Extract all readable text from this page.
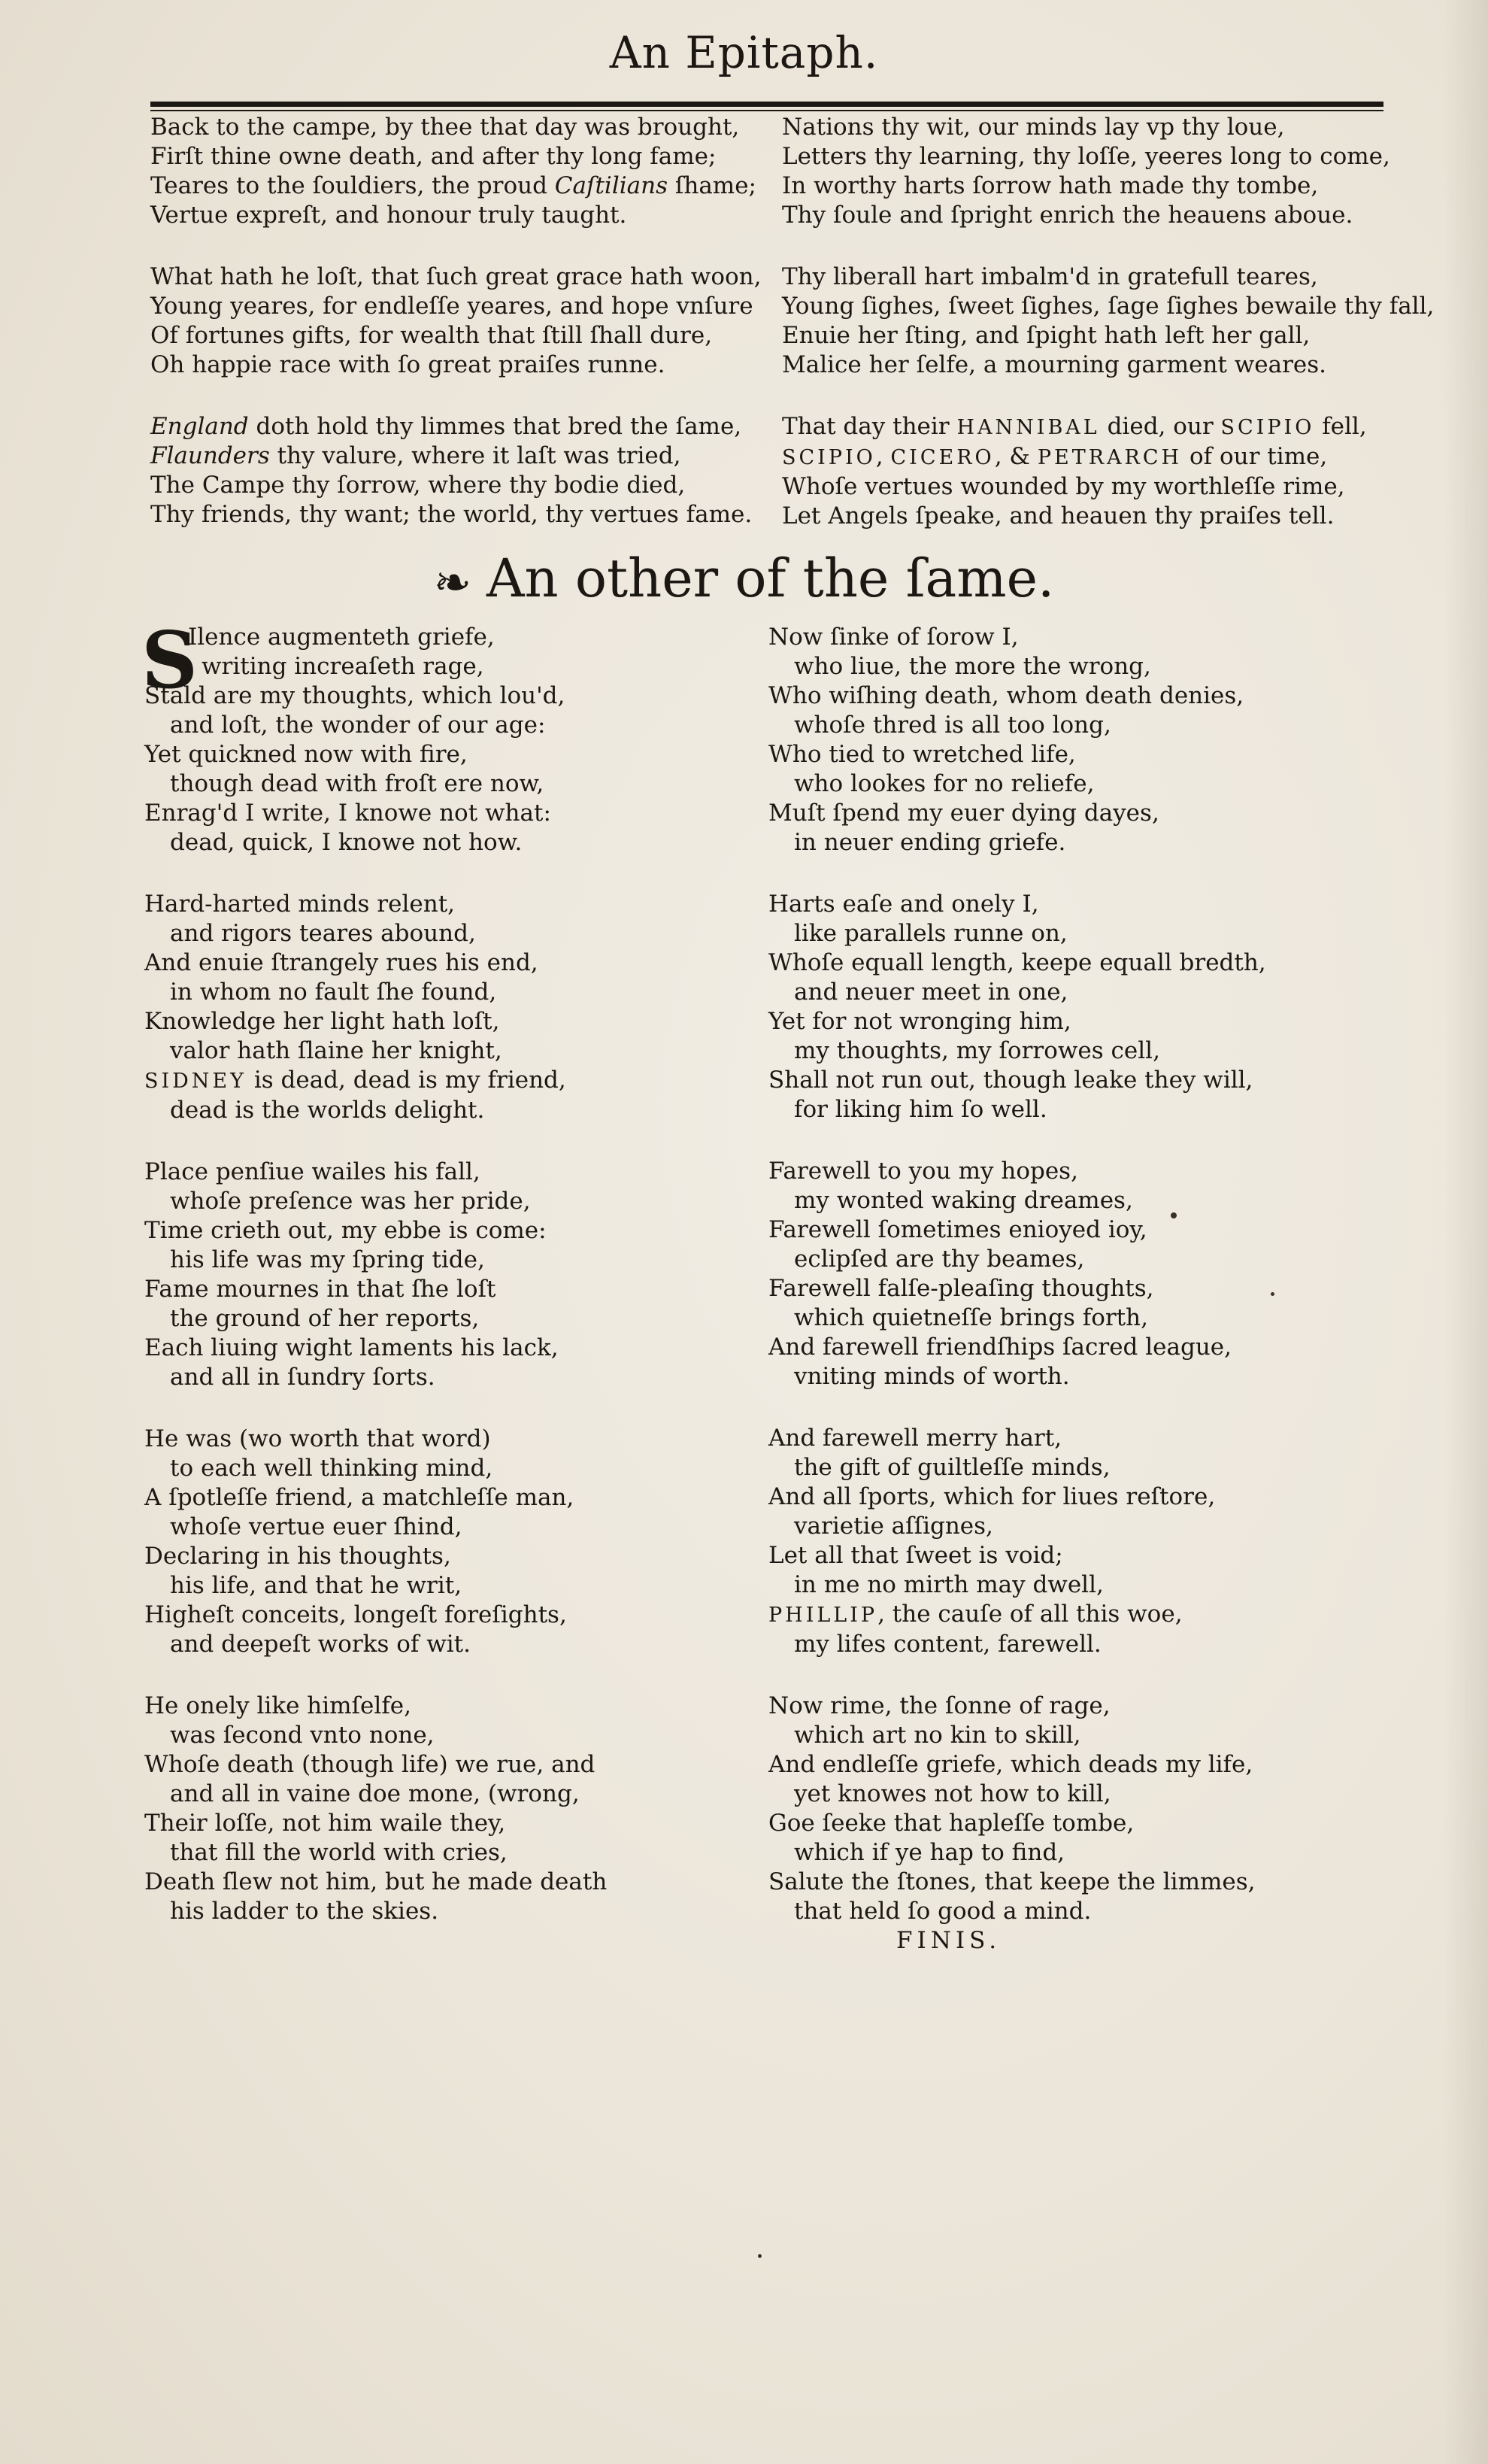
An Epitaph.
Back to the campe, by thee that day was brought,
Firſt thine owne death, and after thy long fame;
Teares to the ſouldiers, the proud Caſtilians ſhame;
Vertue expreſt, and honour truly taught.
What hath he loſt, that ſuch great grace hath woon,
Young yeares, for endleſſe yeares, and hope vnſure
Of fortunes gifts, for wealth that ſtill ſhall dure,
Oh happie race with ſo great praiſes runne.
England doth hold thy limmes that bred the ſame,
Flaunders thy valure, where it laſt was tried,
The Campe thy ſorrow, where thy bodie died,
Thy friends, thy want; the world, thy vertues fame.
Nations thy wit, our minds lay vp thy loue,
Letters thy learning, thy loſſe, yeeres long to come,
In worthy harts ſorrow hath made thy tombe,
Thy ſoule and ſpright enrich the heauens aboue.
Thy liberall hart imbalm'd in gratefull teares,
Young ſighes, ſweet ſighes, ſage ſighes bewaile thy fall,
Enuie her ſting, and ſpight hath left her gall,
Malice her ſelfe, a mourning garment weares.
That day their HANNIBAL died, our SCIPIO fell,
SCIPIO, CICERO, & PETRARCH of our time,
Whoſe vertues wounded by my worthleſſe rime,
Let Angels ſpeake, and heauen thy praiſes tell.
❧ An other of the ſame.
Ilence augmenteth griefe,
writing increaſeth rage,
Stald are my thoughts, which lou'd,
and loſt, the wonder of our age:
Yet quickned now with fire,
though dead with froſt ere now,
Enrag'd I write, I knowe not what:
dead, quick, I knowe not how.
Hard-harted minds relent,
and rigors teares abound,
And enuie ſtrangely rues his end,
in whom no fault ſhe found,
Knowledge her light hath loſt,
valor hath ſlaine her knight,
SIDNEY is dead, dead is my friend,
dead is the worlds delight.
Place penſiue wailes his fall,
whoſe preſence was her pride,
Time crieth out, my ebbe is come:
his life was my ſpring tide,
Fame mournes in that ſhe loſt
the ground of her reports,
Each liuing wight laments his lack,
and all in ſundry ſorts.
He was (wo worth that word)
to each well thinking mind,
A ſpotleſſe friend, a matchleſſe man,
whoſe vertue euer ſhind,
Declaring in his thoughts,
his life, and that he writ,
Higheſt conceits, longeſt foreſights,
and deepeſt works of wit.
He onely like himſelfe,
was ſecond vnto none,
Whoſe death (though life) we rue, and
and all in vaine doe mone, (wrong,
Their loſſe, not him waile they,
that fill the world with cries,
Death ſlew not him, but he made death
his ladder to the skies.
S	Now ſinke of ſorow I,
who liue, the more the wrong,
Who wiſhing death, whom death denies,
whoſe thred is all too long,
Who tied to wretched life,
who lookes for no reliefe,
Muſt ſpend my euer dying dayes,
in neuer ending griefe.
Harts eaſe and onely I,
like parallels runne on,
Whoſe equall length, keepe equall bredth,
and neuer meet in one,
Yet for not wronging him,
my thoughts, my ſorrowes cell,
Shall not run out, though leake they will,
for liking him ſo well.
Farewell to you my hopes,
my wonted waking dreames,
Farewell ſometimes enioyed ioy,
eclipſed are thy beames,
Farewell falſe-pleaſing thoughts,
which quietneſſe brings forth,
And farewell friendſhips ſacred league,
vniting minds of worth.
And farewell merry hart,
the gift of guiltleſſe minds,
And all ſports, which for liues reſtore,
varietie aſſignes,
Let all that ſweet is void;
in me no mirth may dwell,
PHILLIP, the cauſe of all this woe,
my lifes content, farewell.
Now rime, the ſonne of rage,
which art no kin to skill,
And endleſſe griefe, which deads my life,
yet knowes not how to kill,
Goe ſeeke that hapleſſe tombe,
which if ye hap to find,
Salute the ſtones, that keepe the limmes,
that held ſo good a mind.
FINIS.
